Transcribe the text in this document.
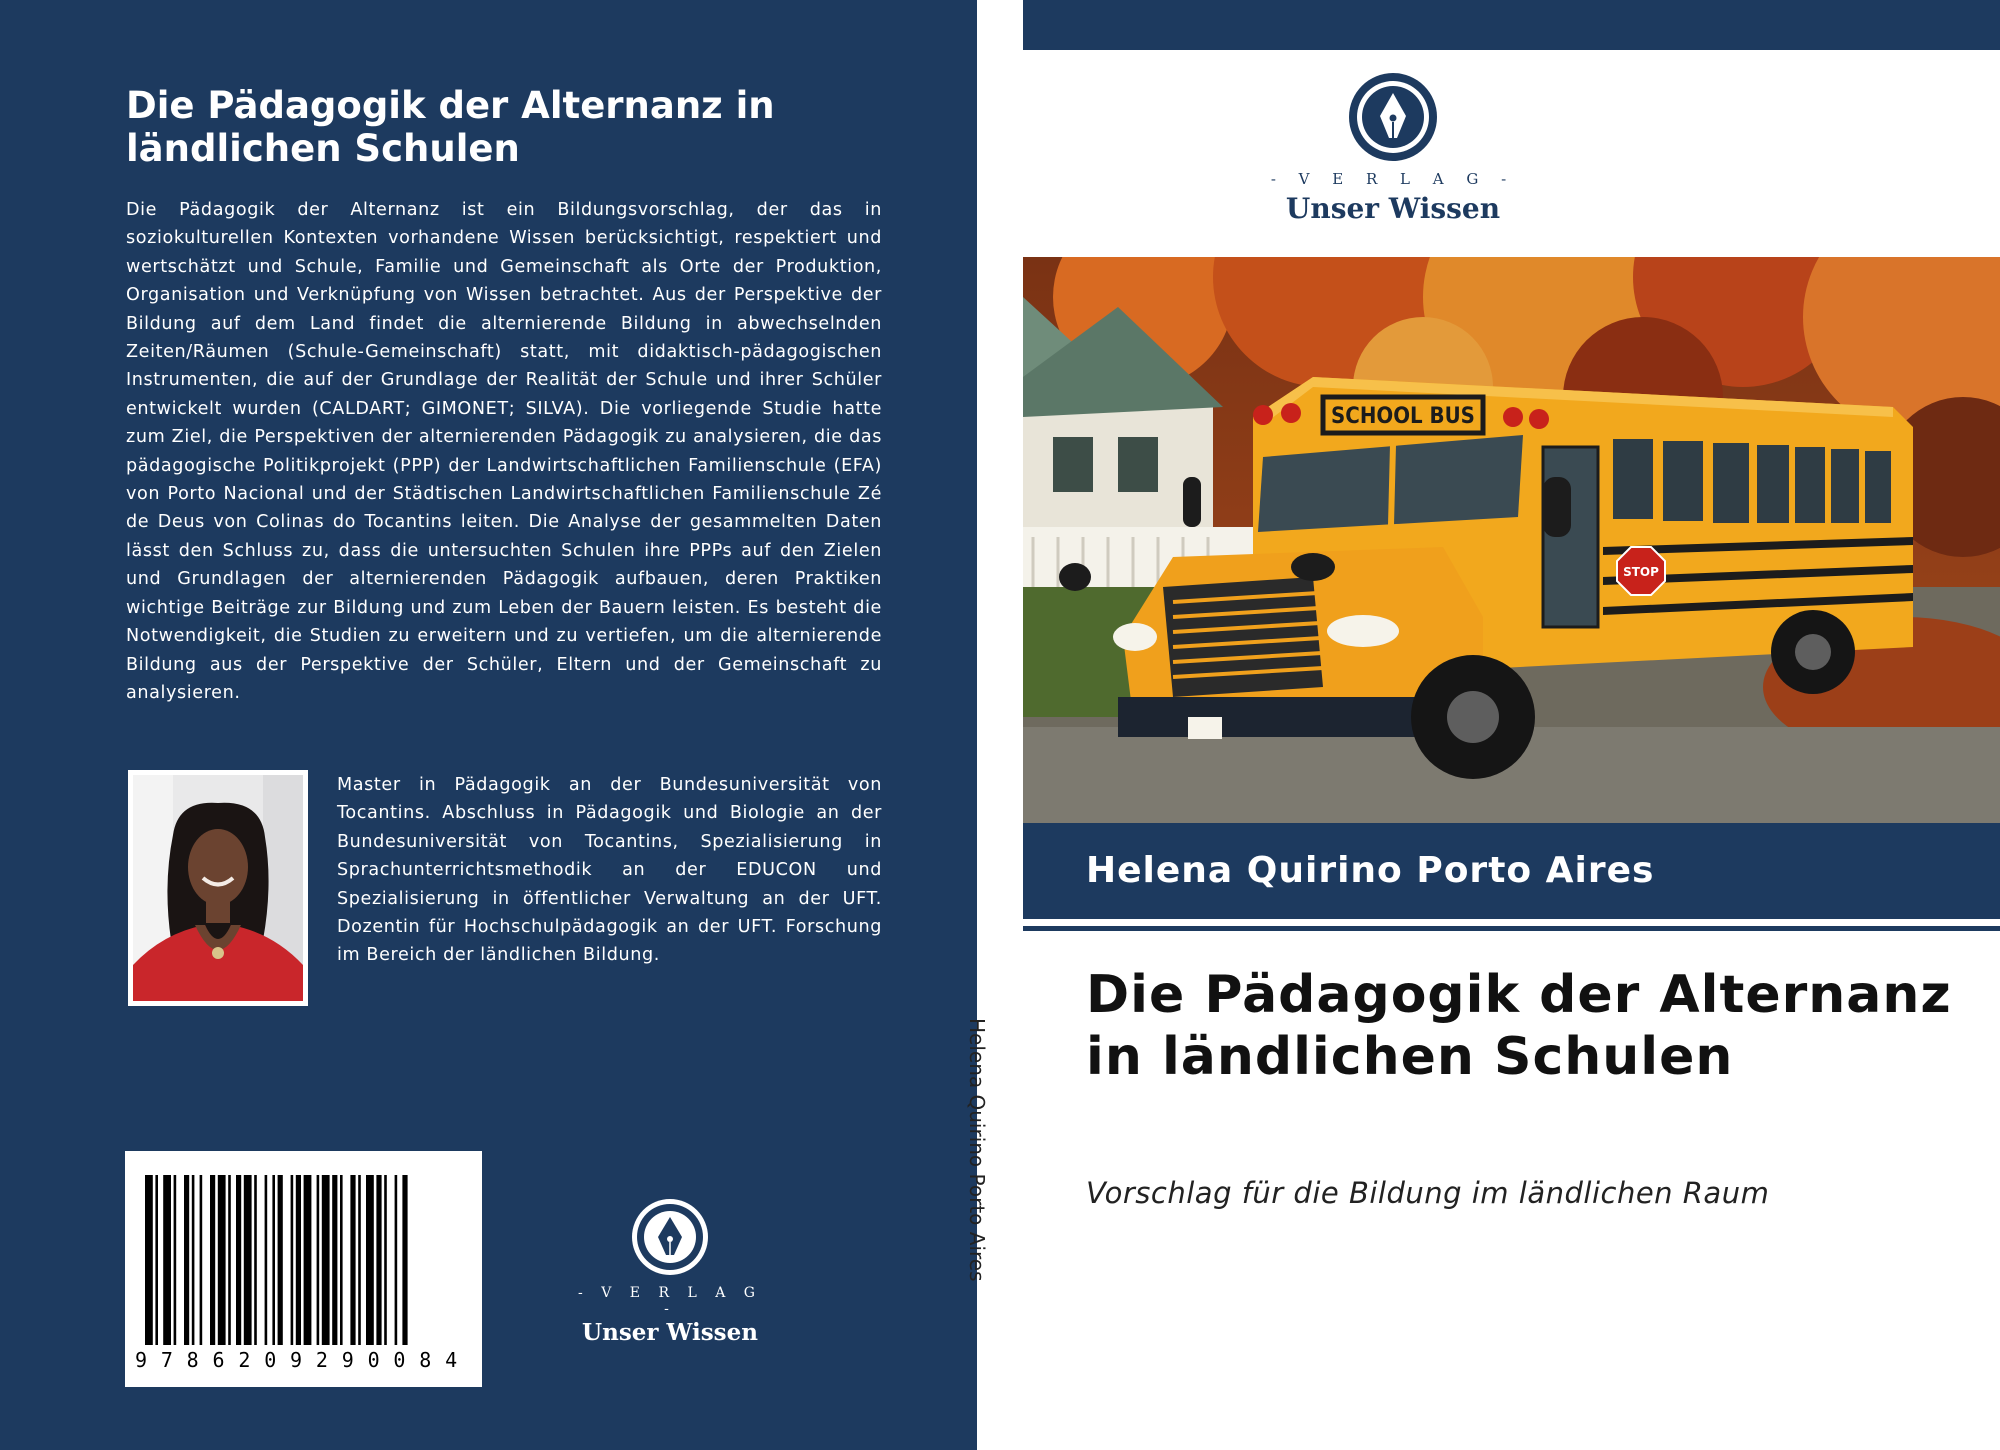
Die Pädagogik der Alternanz in ländlichen Schulen
Die Pädagogik der Alternanz ist ein Bildungsvorschlag, der das in soziokulturellen Kontexten vorhandene Wissen berücksichtigt, respektiert und wertschätzt und Schule, Familie und Gemeinschaft als Orte der Produktion, Organisation und Verknüpfung von Wissen betrachtet. Aus der Perspektive der Bildung auf dem Land findet die alternierende Bildung in abwechselnden Zeiten/Räumen (Schule-Gemeinschaft) statt, mit didaktisch-pädagogischen Instrumenten, die auf der Grundlage der Realität der Schule und ihrer Schüler entwickelt wurden (CALDART; GIMONET; SILVA). Die vorliegende Studie hatte zum Ziel, die Perspektiven der alternierenden Pädagogik zu analysieren, die das pädagogische Politikprojekt (PPP) der Landwirtschaftlichen Familienschule (EFA) von Porto Nacional und der Städtischen Landwirtschaftlichen Familienschule Zé de Deus von Colinas do Tocantins leiten. Die Analyse der gesammelten Daten lässt den Schluss zu, dass die untersuchten Schulen ihre PPPs auf den Zielen und Grundlagen der alternierenden Pädagogik aufbauen, deren Praktiken wichtige Beiträge zur Bildung und zum Leben der Bauern leisten. Es besteht die Notwendigkeit, die Studien zu erweitern und zu vertiefen, um die alternierende Bildung aus der Perspektive der Schüler, Eltern und der Gemeinschaft zu analysieren.
Master in Pädagogik an der Bundesuniversität von Tocantins. Abschluss in Pädagogik und Biologie an der Bundesuniversität von Tocantins, Spezialisierung in Sprachunterrichtsmethodik an der EDUCON und Spezialisierung in öffentlicher Verwaltung an der UFT. Dozentin für Hochschulpädagogik an der UFT. Forschung im Bereich der ländlichen Bildung.
9786209290084
- V E R L A G -
Unser Wissen
Helena Quirino Porto Aires
- V E R L A G -
Unser Wissen
SCHOOL BUS
STOP
Helena Quirino Porto Aires
Die Pädagogik der Alternanz in ländlichen Schulen
Vorschlag für die Bildung im ländlichen Raum
